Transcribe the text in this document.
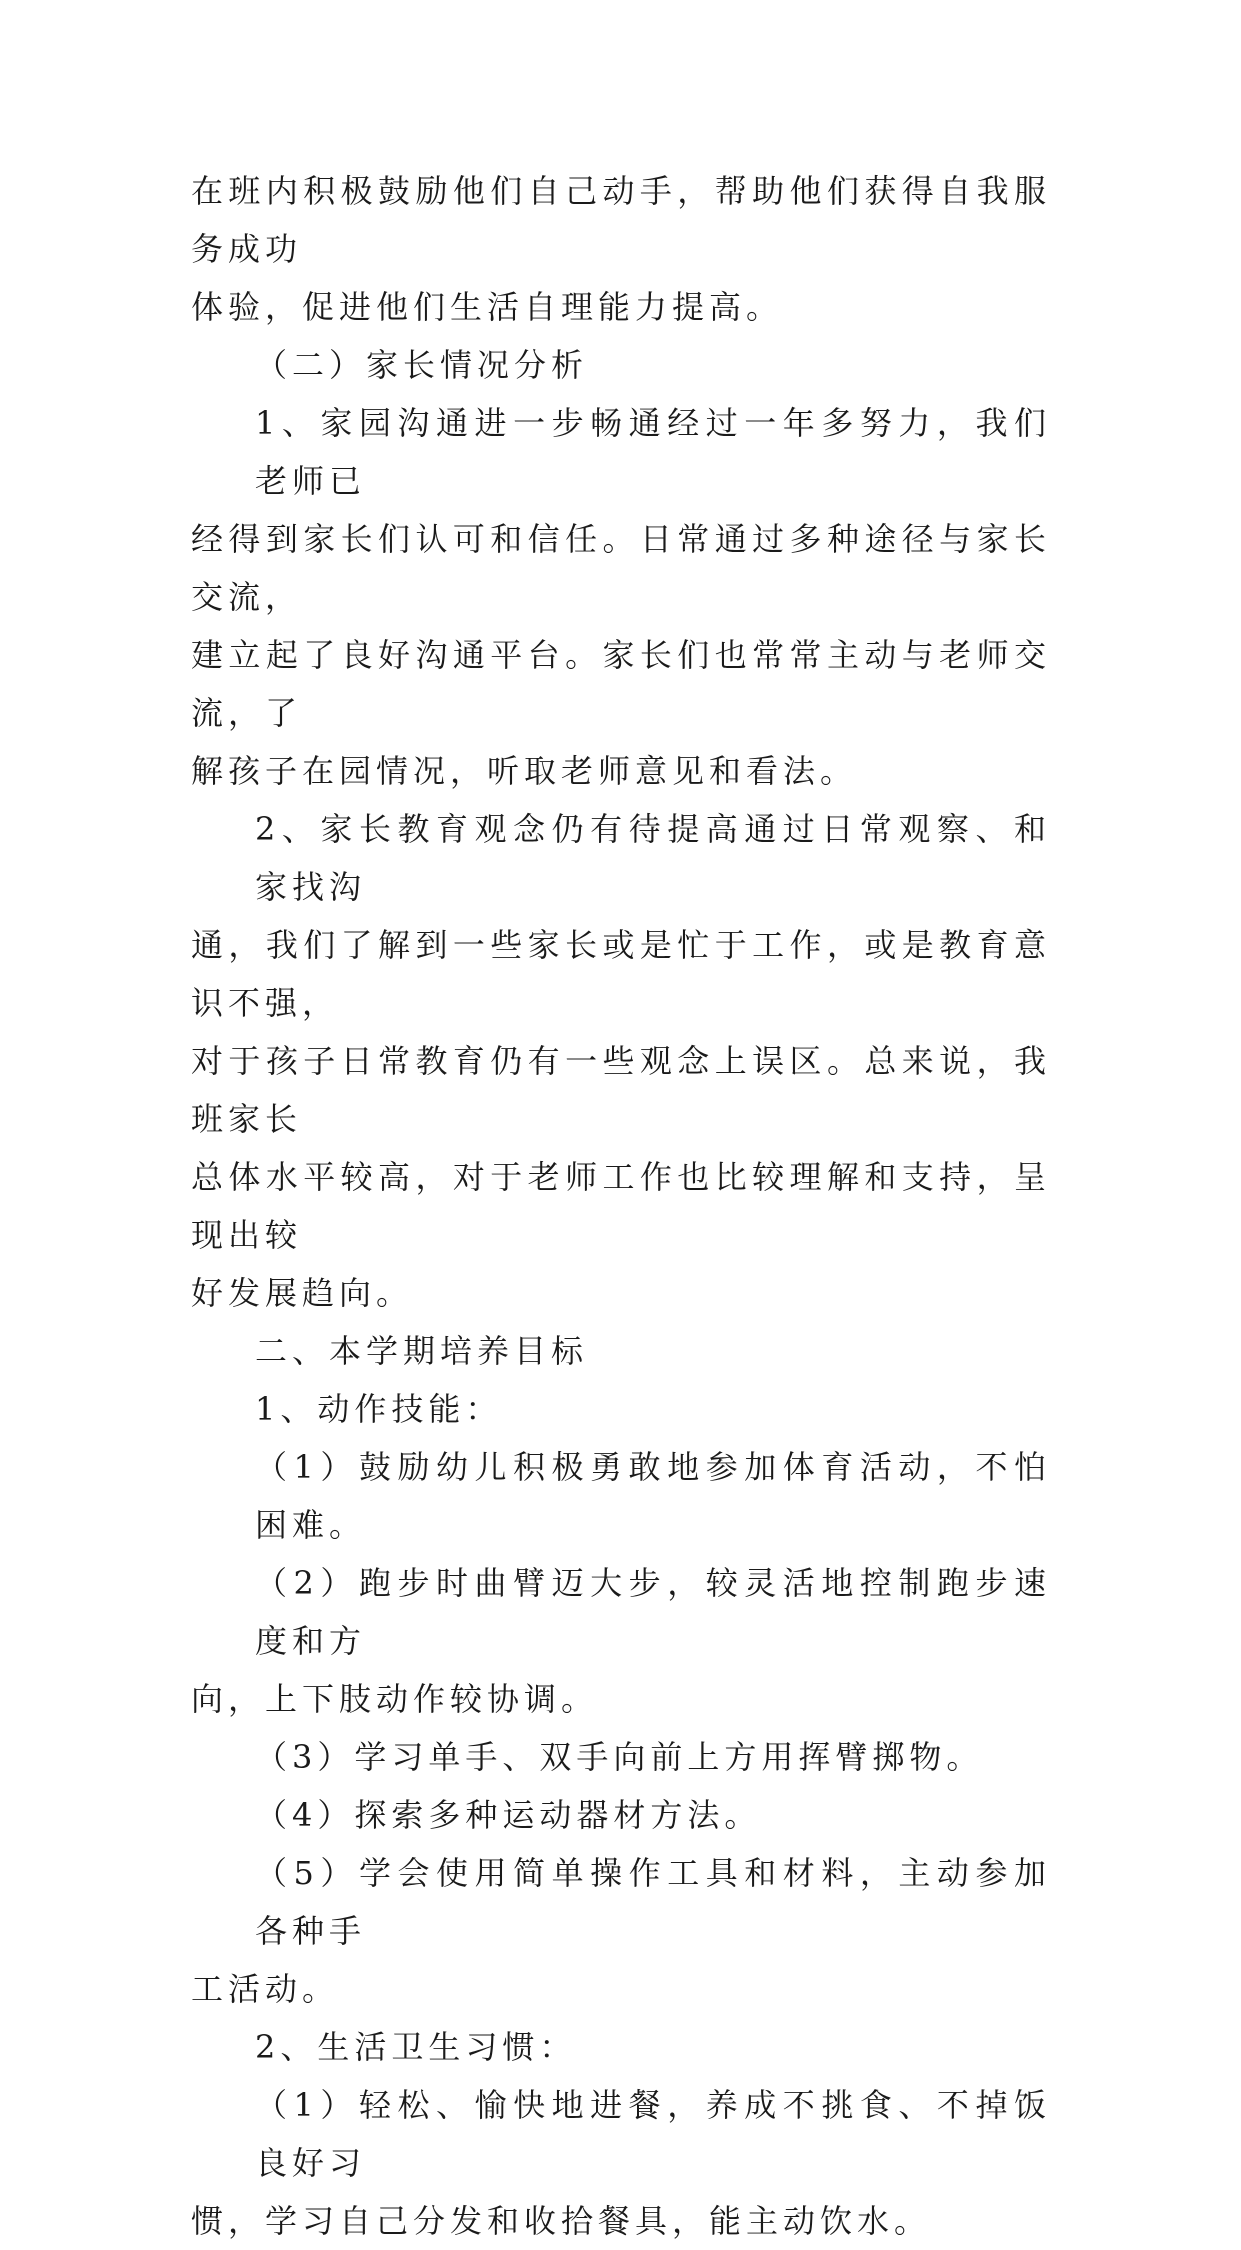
在班内积极鼓励他们自己动手，帮助他们获得自我服务成功
体验，促进他们生活自理能力提高。
（二）家长情况分析
1、家园沟通进一步畅通经过一年多努力，我们老师已
经得到家长们认可和信任。日常通过多种途径与家长交流，
建立起了良好沟通平台。家长们也常常主动与老师交流，了
解孩子在园情况，听取老师意见和看法。
2、家长教育观念仍有待提高通过日常观察、和家找沟
通，我们了解到一些家长或是忙于工作，或是教育意识不强，
对于孩子日常教育仍有一些观念上误区。总来说，我班家长
总体水平较高，对于老师工作也比较理解和支持，呈现出较
好发展趋向。
二、本学期培养目标
1、动作技能：
（1）鼓励幼儿积极勇敢地参加体育活动，不怕困难。
（2）跑步时曲臂迈大步，较灵活地控制跑步速度和方
向，上下肢动作较协调。
（3）学习单手、双手向前上方用挥臂掷物。
（4）探索多种运动器材方法。
（5）学会使用简单操作工具和材料，主动参加各种手
工活动。
2、生活卫生习惯：
（1）轻松、愉快地进餐，养成不挑食、不掉饭良好习
惯，学习自己分发和收拾餐具，能主动饮水。
